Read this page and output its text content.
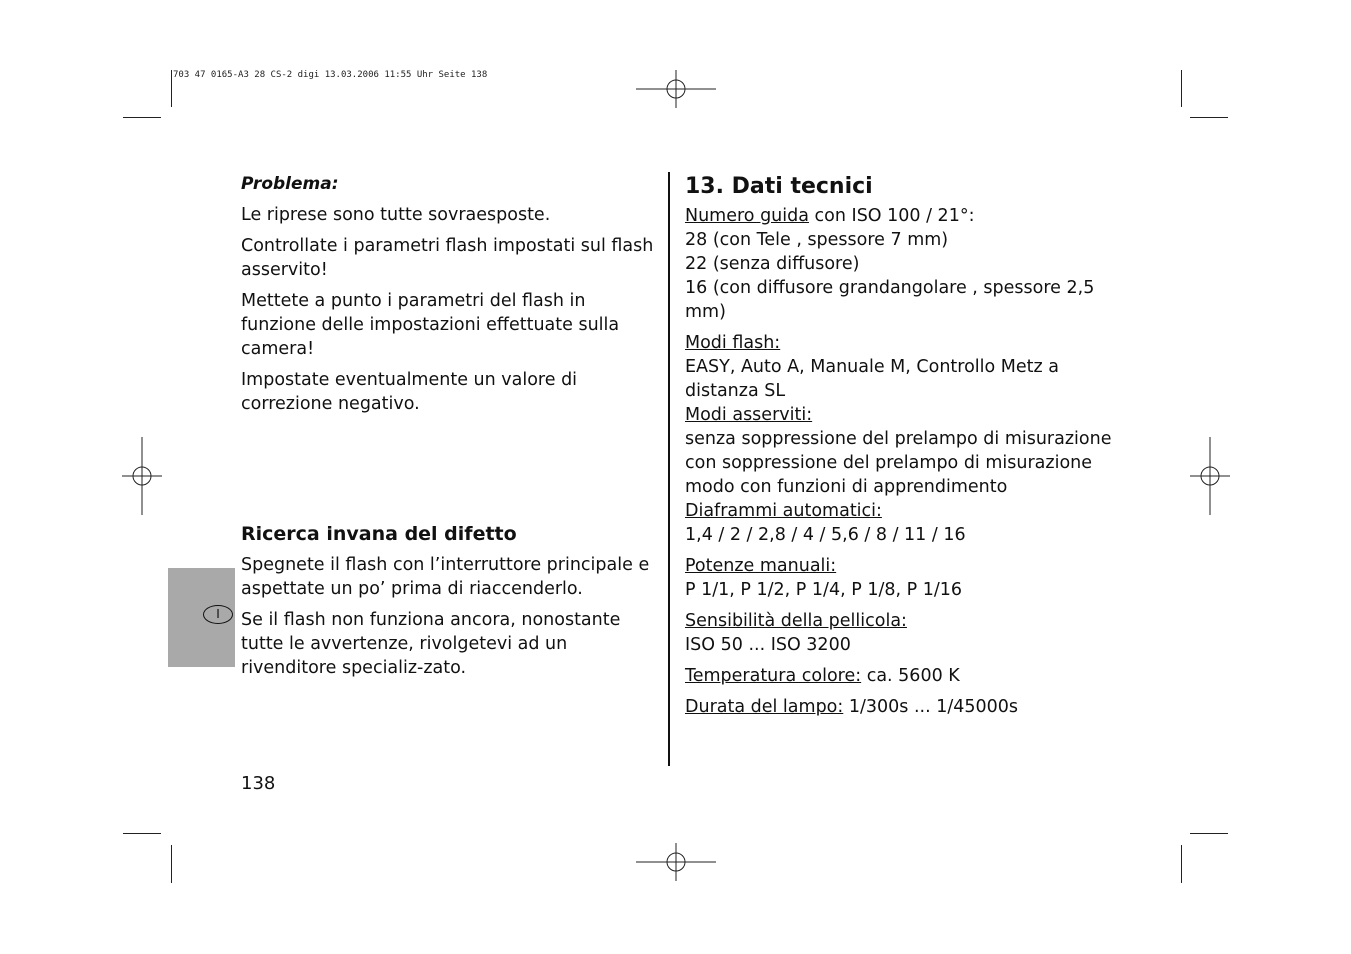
703 47 0165-A3 28 CS-2 digi 13.03.2006 11:55 Uhr Seite 138
I

Problema:

Le riprese sono tutte sovraesposte.

Controllate i parametri flash impostati sul flash asservito!

Mettete a punto i parametri del flash in funzione delle impostazioni effettuate sulla camera!

Impostate eventualmente un valore di correzione negativo.

Ricerca invana del difetto

Spegnete il flash con l’interruttore principale e aspettate un po’ prima di riaccenderlo.

Se il flash non funziona ancora, nonostante tutte le avvertenze, rivolgetevi ad un rivenditore specializ-zato.

13. Dati tecnici
Numero guida con ISO 100 / 21°:
28 (con Tele , spessore 7 mm)
22 (senza diffusore)
16 (con diffusore grandangolare , spessore 2,5
mm)
Modi flash:
EASY, Auto A, Manuale M, Controllo Metz a
distanza SL
Modi asserviti:
senza soppressione del prelampo di misurazione
con soppressione del prelampo di misurazione
modo con funzioni di apprendimento
Diaframmi automatici:
1,4 / 2 / 2,8 / 4 / 5,6 / 8 / 11 / 16
Potenze manuali:
P 1/1, P 1/2, P 1/4, P 1/8, P 1/16
Sensibilità della pellicola:
ISO 50 ... ISO 3200
Temperatura colore: ca. 5600 K
Durata del lampo: 1/300s ... 1/45000s
138
